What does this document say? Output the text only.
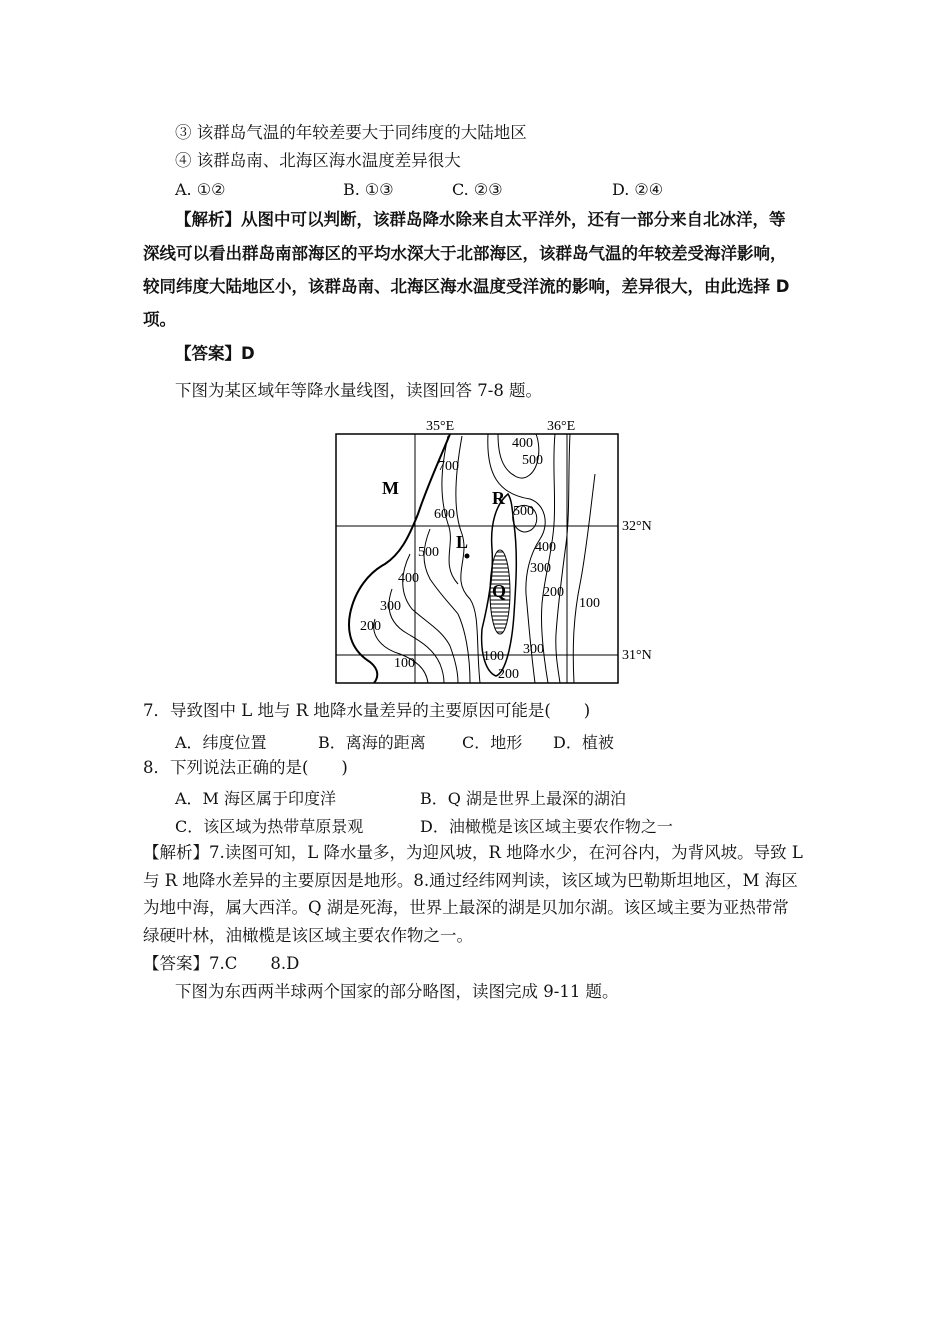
③ 该群岛气温的年较差要大于同纬度的大陆地区
④ 该群岛南、北海区海水温度差异很大
A. ①②	B. ①③	C. ②③	D. ②④
【解析】从图中可以判断，该群岛降水除来自太平洋外，还有一部分来自北冰洋，等
深线可以看出群岛南部海区的平均水深大于北部海区，该群岛气温的年较差受海洋影响，
较同纬度大陆地区小，该群岛南、北海区海水温度受洋流的影响，差异很大，由此选择 D
项。
【答案】D
下图为某区域年等降水量线图，读图回答 7-8 题。
35°E	36°E
32°N
31°N
M
L
R
Q
700
600
500
400
300
200
100
400
500
500
400
300
200
100
100
200
300
7．导致图中 L 地与 R 地降水量差异的主要原因可能是(　　)
A．纬度位置	B．离海的距离 C．地形 D．植被
8．下列说法正确的是(　　)
A．M 海区属于印度洋	B．Q 湖是世界上最深的湖泊
C．该区域为热带草原景观	D．油橄榄是该区域主要农作物之一
【解析】7.读图可知，L 降水量多，为迎风坡，R 地降水少，在河谷内，为背风坡。导致 L
与 R 地降水差异的主要原因是地形。8.通过经纬网判读，该区域为巴勒斯坦地区，M 海区
为地中海，属大西洋。Q 湖是死海，世界上最深的湖是贝加尔湖。该区域主要为亚热带常
绿硬叶林，油橄榄是该区域主要农作物之一。
【答案】7.C　　8.D
下图为东西两半球两个国家的部分略图，读图完成 9-11 题。
